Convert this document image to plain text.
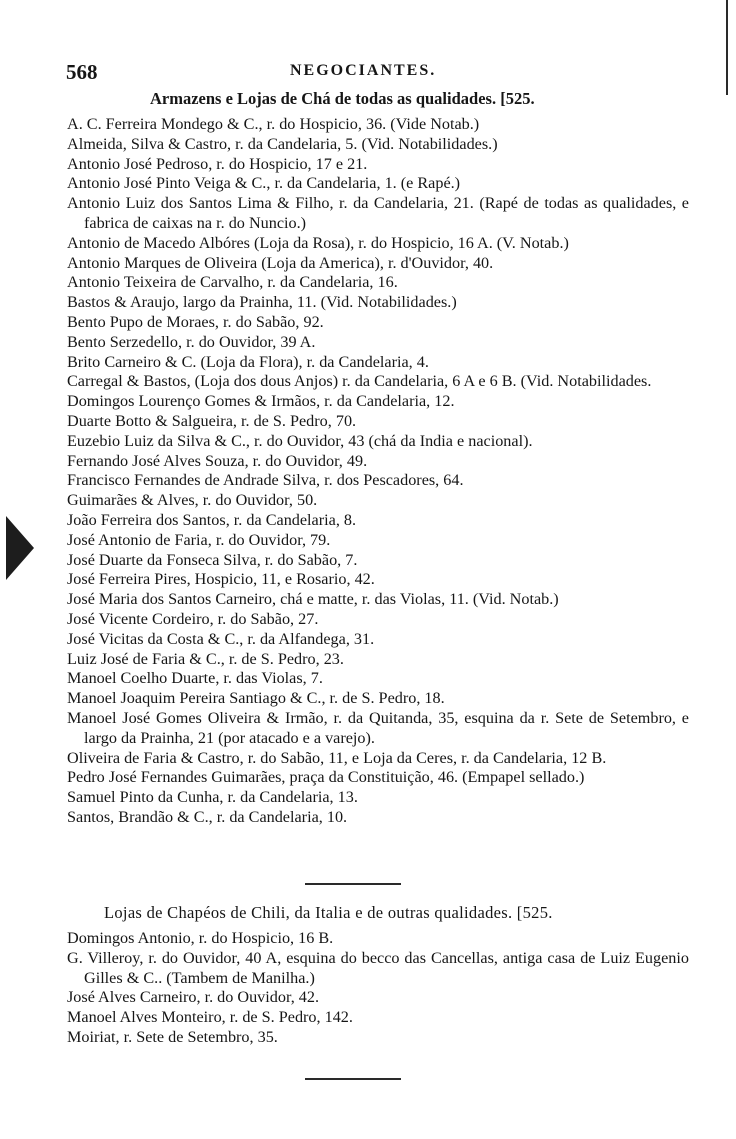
568	NEGOCIANTES.
Armazens e Lojas de Chá de todas as qualidades. [525.
A. C. Ferreira Mondego & C., r. do Hospicio, 36. (Vide Notab.)
Almeida, Silva & Castro, r. da Candelaria, 5. (Vid. Notabilidades.)
Antonio José Pedroso, r. do Hospicio, 17 e 21.
Antonio José Pinto Veiga & C., r. da Candelaria, 1. (e Rapé.)
Antonio Luiz dos Santos Lima & Filho, r. da Candelaria, 21. (Rapé de todas as qualidades, e fabrica de caixas na r. do Nuncio.)
Antonio de Macedo Albóres (Loja da Rosa), r. do Hospicio, 16 A. (V. Notab.)
Antonio Marques de Oliveira (Loja da America), r. d'Ouvidor, 40.
Antonio Teixeira de Carvalho, r. da Candelaria, 16.
Bastos & Araujo, largo da Prainha, 11. (Vid. Notabilidades.)
Bento Pupo de Moraes, r. do Sabão, 92.
Bento Serzedello, r. do Ouvidor, 39 A.
Brito Carneiro & C. (Loja da Flora), r. da Candelaria, 4.
Carregal & Bastos, (Loja dos dous Anjos) r. da Candelaria, 6 A e 6 B. (Vid. Notabilidades.
Domingos Lourenço Gomes & Irmãos, r. da Candelaria, 12.
Duarte Botto & Salgueira, r. de S. Pedro, 70.
Euzebio Luiz da Silva & C., r. do Ouvidor, 43 (chá da India e nacional).
Fernando José Alves Souza, r. do Ouvidor, 49.
Francisco Fernandes de Andrade Silva, r. dos Pescadores, 64.
Guimarães & Alves, r. do Ouvidor, 50.
João Ferreira dos Santos, r. da Candelaria, 8.
José Antonio de Faria, r. do Ouvidor, 79.
José Duarte da Fonseca Silva, r. do Sabão, 7.
José Ferreira Pires, Hospicio, 11, e Rosario, 42.
José Maria dos Santos Carneiro, chá e matte, r. das Violas, 11. (Vid. Notab.)
José Vicente Cordeiro, r. do Sabão, 27.
José Vicitas da Costa & C., r. da Alfandega, 31.
Luiz José de Faria & C., r. de S. Pedro, 23.
Manoel Coelho Duarte, r. das Violas, 7.
Manoel Joaquim Pereira Santiago & C., r. de S. Pedro, 18.
Manoel José Gomes Oliveira & Irmão, r. da Quitanda, 35, esquina da r. Sete de Setembro, e largo da Prainha, 21 (por atacado e a varejo).
Oliveira de Faria & Castro, r. do Sabão, 11, e Loja da Ceres, r. da Candelaria, 12 B.
Pedro José Fernandes Guimarães, praça da Constituição, 46. (Empapel sellado.)
Samuel Pinto da Cunha, r. da Candelaria, 13.
Santos, Brandão & C., r. da Candelaria, 10.
Lojas de Chapéos de Chili, da Italia e de outras qualidades. [525.
Domingos Antonio, r. do Hospicio, 16 B.
G. Villeroy, r. do Ouvidor, 40 A, esquina do becco das Cancellas, antiga casa de Luiz Eugenio Gilles & C.. (Tambem de Manilha.)
José Alves Carneiro, r. do Ouvidor, 42.
Manoel Alves Monteiro, r. de S. Pedro, 142.
Moiriat, r. Sete de Setembro, 35.
